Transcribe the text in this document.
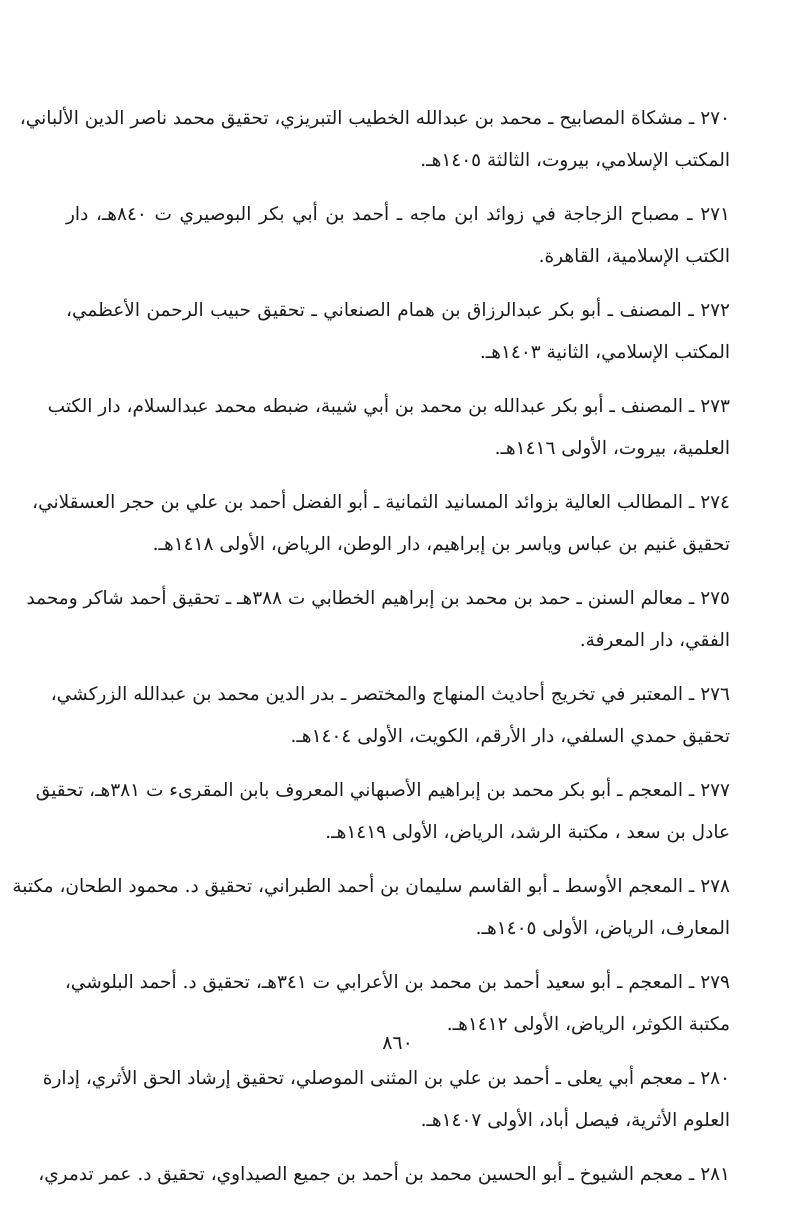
٢٧٠ ـ مشكاة المصابيح ـ محمد بن عبدالله الخطيب التبريزي، تحقيق محمد ناصر الدين الألباني،
المكتب الإسلامي، بيروت، الثالثة ١٤٠٥هـ.
٢٧١ ـ مصباح الزجاجة في زوائد ابن ماجه ـ أحمد بن أبي بكر البوصيري ت ٨٤٠هـ، دار
الكتب الإسلامية، القاهرة.
٢٧٢ ـ المصنف ـ أبو بكر عبدالرزاق بن همام الصنعاني ـ تحقيق حبيب الرحمن الأعظمي،
المكتب الإسلامي، الثانية ١٤٠٣هـ.
٢٧٣ ـ المصنف ـ أبو بكر عبدالله بن محمد بن أبي شيبة، ضبطه محمد عبدالسلام، دار الكتب
العلمية، بيروت، الأولى ١٤١٦هـ.
٢٧٤ ـ المطالب العالية بزوائد المسانيد الثمانية ـ أبو الفضل أحمد بن علي بن حجر العسقلاني،
تحقيق غنيم بن عباس وياسر بن إبراهيم، دار الوطن، الرياض، الأولى ١٤١٨هـ.
٢٧٥ ـ معالم السنن ـ حمد بن محمد بن إبراهيم الخطابي ت ٣٨٨هـ ـ تحقيق أحمد شاكر ومحمد
الفقي، دار المعرفة.
٢٧٦ ـ المعتبر في تخريج أحاديث المنهاج والمختصر ـ بدر الدين محمد بن عبدالله الزركشي،
تحقيق حمدي السلفي، دار الأرقم، الكويت، الأولى ١٤٠٤هـ.
٢٧٧ ـ المعجم ـ أبو بكر محمد بن إبراهيم الأصبهاني المعروف بابن المقرىء ت ٣٨١هـ، تحقيق
عادل بن سعد ، مكتبة الرشد، الرياض، الأولى ١٤١٩هـ.
٢٧٨ ـ المعجم الأوسط ـ أبو القاسم سليمان بن أحمد الطبراني، تحقيق د. محمود الطحان، مكتبة
المعارف، الرياض، الأولى ١٤٠٥هـ.
٢٧٩ ـ المعجم ـ أبو سعيد أحمد بن محمد بن الأعرابي ت ٣٤١هـ، تحقيق د. أحمد البلوشي،
مكتبة الكوثر، الرياض، الأولى ١٤١٢هـ.
٢٨٠ ـ معجم أبي يعلى ـ أحمد بن علي بن المثنى الموصلي، تحقيق إرشاد الحق الأثري، إدارة
العلوم الأثرية، فيصل أباد، الأولى ١٤٠٧هـ.
٢٨١ ـ معجم الشيوخ ـ أبو الحسين محمد بن أحمد بن جميع الصيداوي، تحقيق د. عمر تدمري،
٨٦٠
